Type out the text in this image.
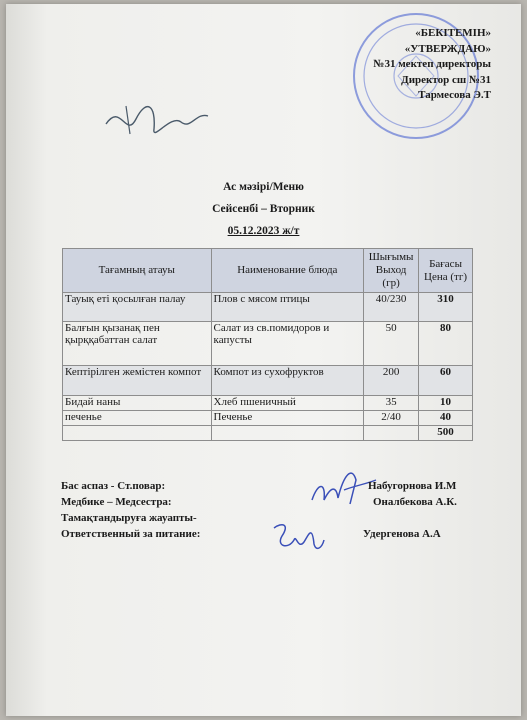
«БЕКІТЕМІН»
«УТВЕРЖДАЮ»
№31 мектеп директоры
Директор сш №31
Тармесова Э.Т
Ас мәзірі/Меню
Сейсенбі – Вторник
05.12.2023 ж/т
Тағамның атауы	Наименование блюда	Шығымы Выход (гр)	Бағасы Цена (тг)
Тауық еті қосылған палау	Плов с мясом птицы	40/230	310
Балғын қызанақ пен қырққабаттан салат	Салат из св.помидоров и капусты	50	80
Кептірілген жемістен компот	Компот из сухофруктов	200	60
Бидай наны	Хлеб пшеничный	35	10
печенье	Печенье	2/40	40
			500
Бас аспаз - Ст.повар:	Набугорнова И.М
Медбике – Медсестра:	Оналбекова А.К.
Тамақтандыруға жауапты-
Ответственный за питание:	Удергенова А.А
